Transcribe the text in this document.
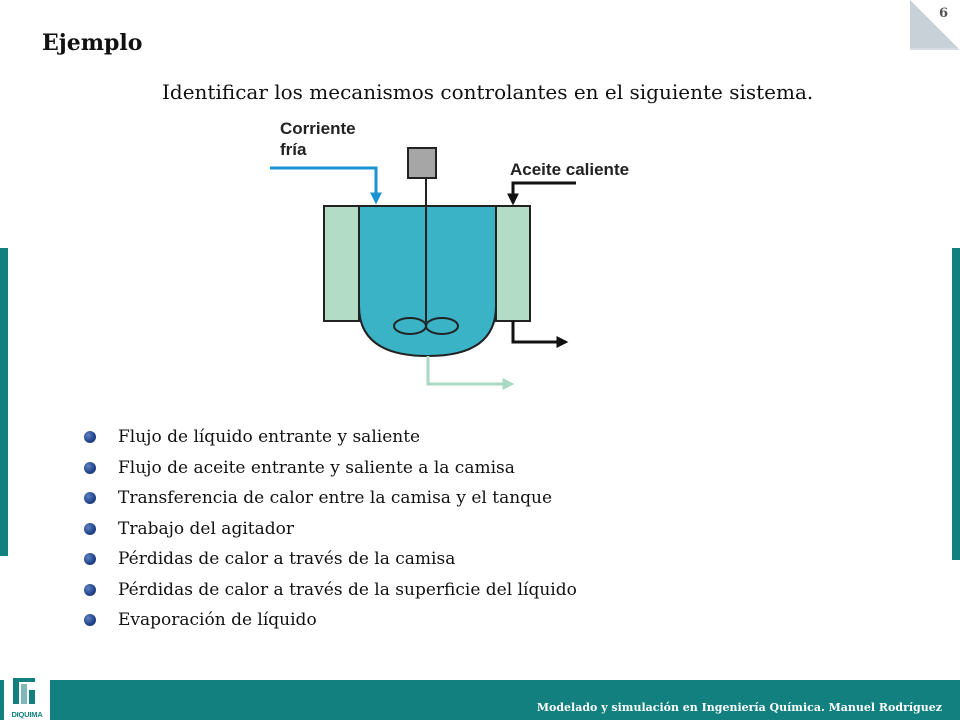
6
Ejemplo
Identificar los mecanismos controlantes en el siguiente sistema.
Corriente
fría
Aceite caliente
Flujo de líquido entrante y saliente
Flujo de aceite entrante y saliente a la camisa
Transferencia de calor entre la camisa y el tanque
Trabajo del agitador
Pérdidas de calor a través de la camisa
Pérdidas de calor a través de la superficie del líquido
Evaporación de líquido
Modelado y simulación en Ingeniería Química. Manuel Rodríguez
DIQUIMA
